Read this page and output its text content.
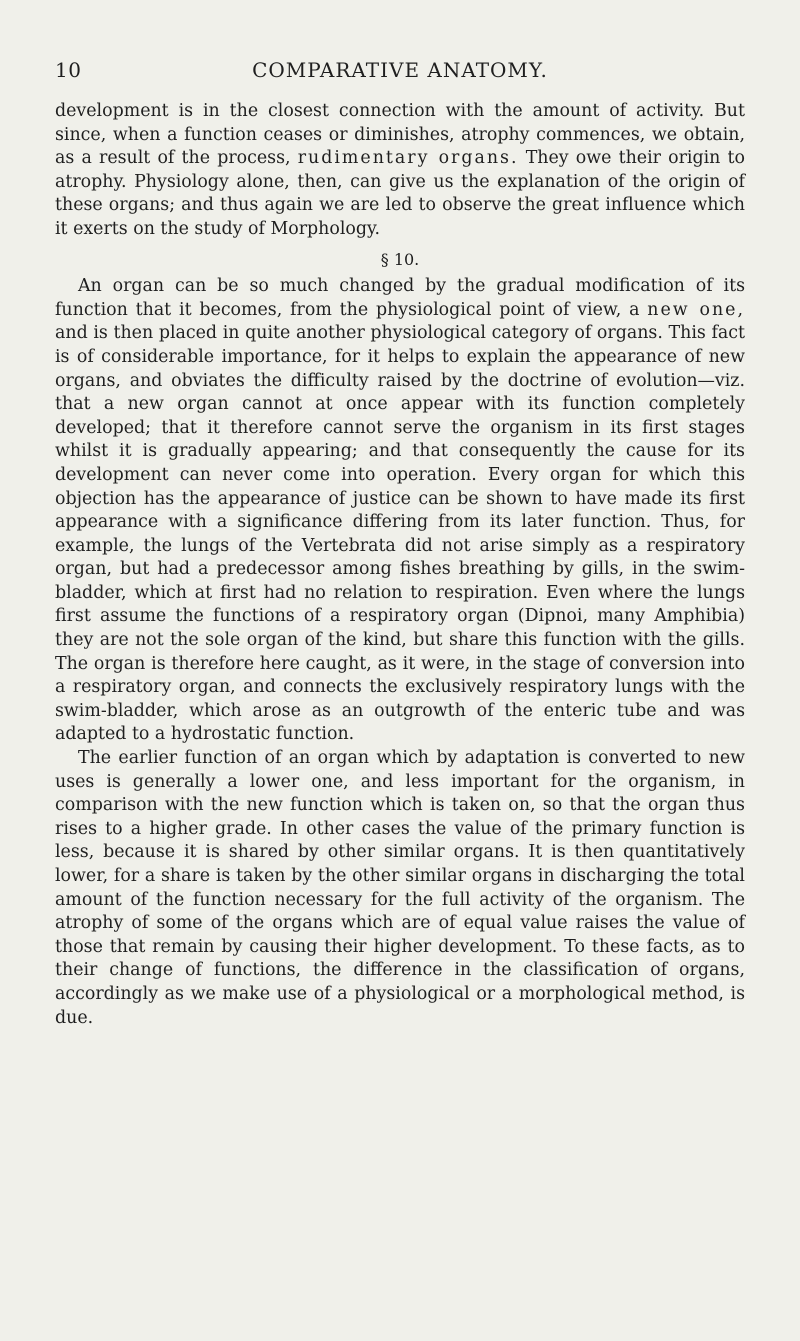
10	COMPARATIVE ANATOMY.

development is in the closest connection with the amount of activity. But since, when a function ceases or diminishes, atrophy commences, we obtain, as a result of the process, rudimentary organs. They owe their origin to atrophy. Physiology alone, then, can give us the explanation of the origin of these organs; and thus again we are led to observe the great influence which it exerts on the study of Morphology.

§ 10.

An organ can be so much changed by the gradual modification of its function that it becomes, from the physiological point of view, a new one, and is then placed in quite another physiological category of organs. This fact is of considerable importance, for it helps to explain the appearance of new organs, and obviates the difficulty raised by the doctrine of evolution—viz. that a new organ cannot at once appear with its function completely developed; that it therefore cannot serve the organism in its first stages whilst it is gradually appearing; and that consequently the cause for its development can never come into operation. Every organ for which this objection has the appearance of justice can be shown to have made its first appearance with a significance differing from its later function. Thus, for example, the lungs of the Vertebrata did not arise simply as a respiratory organ, but had a predecessor among fishes breathing by gills, in the swim-bladder, which at first had no relation to respiration. Even where the lungs first assume the functions of a respiratory organ (Dipnoi, many Amphibia) they are not the sole organ of the kind, but share this function with the gills. The organ is therefore here caught, as it were, in the stage of conversion into a respiratory organ, and connects the exclusively respiratory lungs with the swim-bladder, which arose as an outgrowth of the enteric tube and was adapted to a hydrostatic function.

The earlier function of an organ which by adaptation is converted to new uses is generally a lower one, and less important for the organism, in comparison with the new function which is taken on, so that the organ thus rises to a higher grade. In other cases the value of the primary function is less, because it is shared by other similar organs. It is then quantitatively lower, for a share is taken by the other similar organs in discharging the total amount of the function necessary for the full activity of the organism. The atrophy of some of the organs which are of equal value raises the value of those that remain by causing their higher development. To these facts, as to their change of functions, the difference in the classification of organs, accordingly as we make use of a physiological or a morphological method, is due.
